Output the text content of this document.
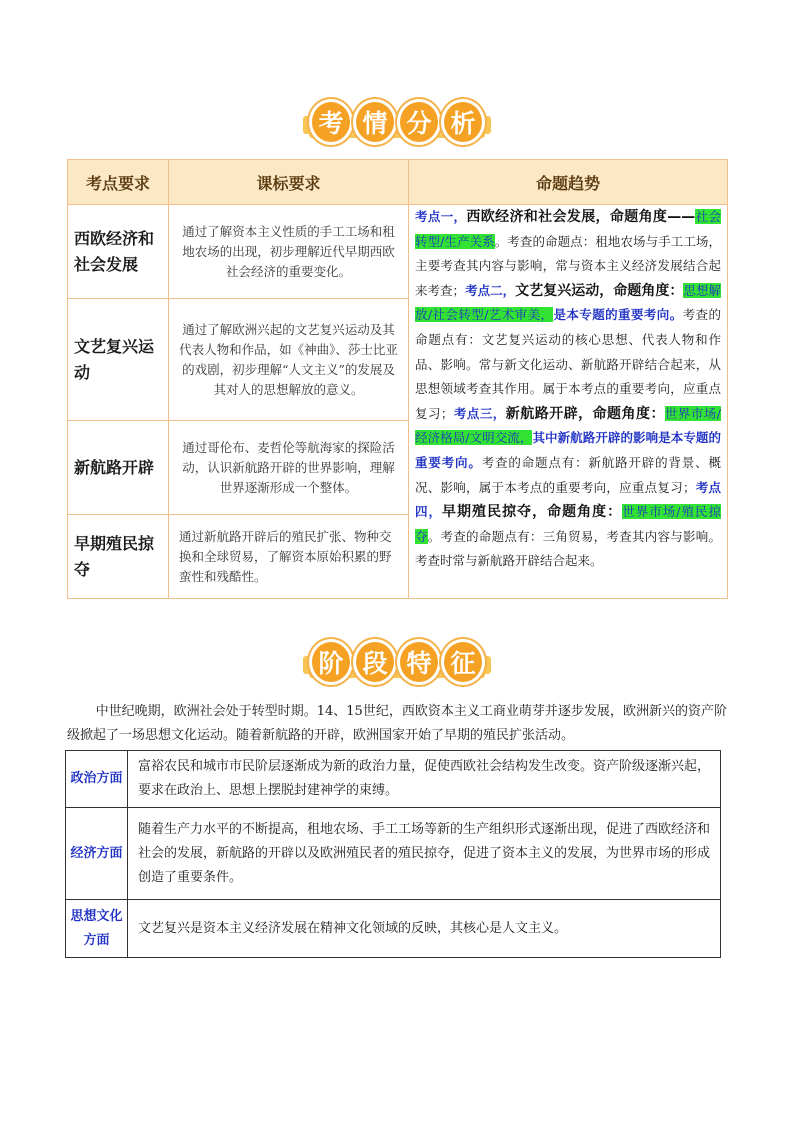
考 情 分 析
考点要求	课标要求	命题趋势
西欧经济和社会发展	通过了解资本主义性质的手工工场和租地农场的出现，初步理解近代早期西欧社会经济的重要变化。	考点一，西欧经济和社会发展，命题角度——社会转型/生产关系。考查的命题点：租地农场与手工工场，主要考查其内容与影响，常与资本主义经济发展结合起来考查；考点二，文艺复兴运动，命题角度：思想解放/社会转型/艺术审美，是本专题的重要考向。考查的命题点有：文艺复兴运动的核心思想、代表人物和作品、影响。常与新文化运动、新航路开辟结合起来，从思想领域考查其作用。属于本考点的重要考向，应重点复习；考点三，新航路开辟，命题角度：世界市场/经济格局/文明交流，其中新航路开辟的影响是本专题的重要考向。考查的命题点有：新航路开辟的背景、概况、影响，属于本考点的重要考向，应重点复习；考点四，早期殖民掠夺，命题角度：世界市场/殖民掠夺。考查的命题点有：三角贸易，考查其内容与影响。考查时常与新航路开辟结合起来。
文艺复兴运动	通过了解欧洲兴起的文艺复兴运动及其代表人物和作品，如《神曲》、莎士比亚的戏剧，初步理解“人文主义”的发展及其对人的思想解放的意义。	
新航路开辟	通过哥伦布、麦哲伦等航海家的探险活动，认识新航路开辟的世界影响，理解世界逐渐形成一个整体。	
早期殖民掠夺	通过新航路开辟后的殖民扩张、物种交换和全球贸易，了解资本原始积累的野蛮性和残酷性。	
阶 段 特 征

中世纪晚期，欧洲社会处于转型时期。14、15世纪，西欧资本主义工商业萌芽并逐步发展，欧洲新兴的资产阶级掀起了一场思想文化运动。随着新航路的开辟，欧洲国家开始了早期的殖民扩张活动。

政治方面	富裕农民和城市市民阶层逐渐成为新的政治力量，促使西欧社会结构发生改变。资产阶级逐渐兴起，要求在政治上、思想上摆脱封建神学的束缚。
经济方面	随着生产力水平的不断提高，租地农场、手工工场等新的生产组织形式逐渐出现，促进了西欧经济和社会的发展，新航路的开辟以及欧洲殖民者的殖民掠夺，促进了资本主义的发展，为世界市场的形成创造了重要条件。
思想文化方面	文艺复兴是资本主义经济发展在精神文化领域的反映，其核心是人文主义。
